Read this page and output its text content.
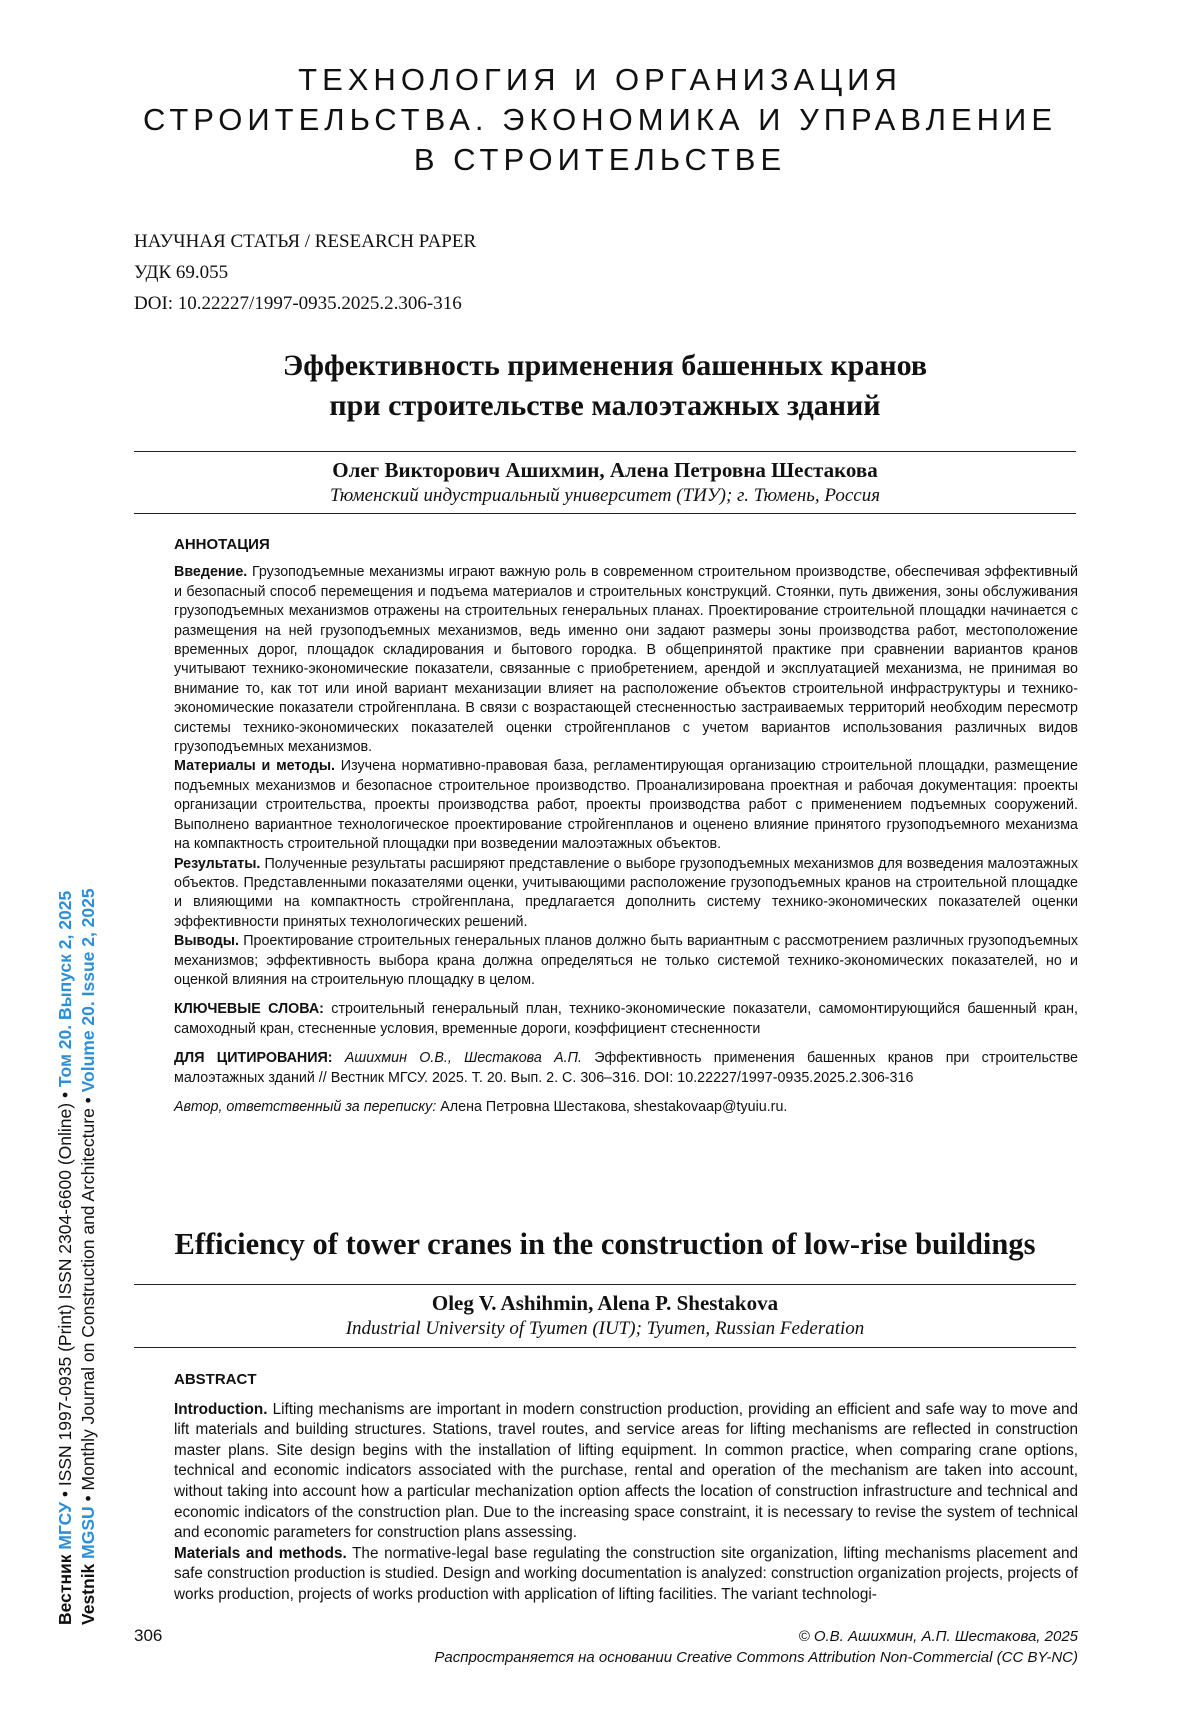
ТЕХНОЛОГИЯ И ОРГАНИЗАЦИЯ
СТРОИТЕЛЬСТВА. ЭКОНОМИКА И УПРАВЛЕНИЕ
В СТРОИТЕЛЬСТВЕ
НАУЧНАЯ СТАТЬЯ / RESEARCH PAPER
УДК 69.055
DOI: 10.22227/1997-0935.2025.2.306-316
Эффективность применения башенных кранов
при строительстве малоэтажных зданий
Олег Викторович Ашихмин, Алена Петровна Шестакова
Тюменский индустриальный университет (ТИУ); г. Тюмень, Россия
АННОТАЦИЯ

Введение. Грузоподъемные механизмы играют важную роль в современном строительном производстве, обеспечивая эффективный и безопасный способ перемещения и подъема материалов и строительных конструкций. Стоянки, путь движения, зоны обслуживания грузоподъемных механизмов отражены на строительных генеральных планах. Проектирование строительной площадки начинается с размещения на ней грузоподъемных механизмов, ведь именно они задают размеры зоны производства работ, местоположение временных дорог, площадок складирования и бытового городка. В общепринятой практике при сравнении вариантов кранов учитывают технико-экономические показатели, связанные с приобретением, арендой и эксплуатацией механизма, не принимая во внимание то, как тот или иной вариант механизации влияет на расположение объектов строительной инфраструктуры и технико-экономические показатели стройгенплана. В связи с возрастающей стесненностью застраиваемых территорий необходим пересмотр системы технико-экономических показателей оценки стройгенпланов с учетом вариантов использования различных видов грузоподъемных механизмов.

Материалы и методы. Изучена нормативно-правовая база, регламентирующая организацию строительной площадки, размещение подъемных механизмов и безопасное строительное производство. Проанализирована проектная и рабочая документация: проекты организации строительства, проекты производства работ, проекты производства работ с применением подъемных сооружений. Выполнено вариантное технологическое проектирование стройгенпланов и оценено влияние принятого грузоподъемного механизма на компактность строительной площадки при возведении малоэтажных объектов.

Результаты. Полученные результаты расширяют представление о выборе грузоподъемных механизмов для возведения малоэтажных объектов. Представленными показателями оценки, учитывающими расположение грузоподъемных кранов на строительной площадке и влияющими на компактность стройгенплана, предлагается дополнить систему технико-экономических показателей оценки эффективности принятых технологических решений.

Выводы. Проектирование строительных генеральных планов должно быть вариантным с рассмотрением различных грузоподъемных механизмов; эффективность выбора крана должна определяться не только системой технико-экономических показателей, но и оценкой влияния на строительную площадку в целом.

КЛЮЧЕВЫЕ СЛОВА: строительный генеральный план, технико-экономические показатели, самомонтирующийся башенный кран, самоходный кран, стесненные условия, временные дороги, коэффициент стесненности

ДЛЯ ЦИТИРОВАНИЯ: Ашихмин О.В., Шестакова А.П. Эффективность применения башенных кранов при строительстве малоэтажных зданий // Вестник МГСУ. 2025. Т. 20. Вып. 2. С. 306–316. DOI: 10.22227/1997-0935.2025.2.306-316

Автор, ответственный за переписку: Алена Петровна Шестакова, shestakovaap@tyuiu.ru.

Efficiency of tower cranes in the construction of low-rise buildings
Oleg V. Ashihmin, Alena P. Shestakova
Industrial University of Tyumen (IUT); Tyumen, Russian Federation
ABSTRACT

Introduction. Lifting mechanisms are important in modern construction production, providing an efficient and safe way to move and lift materials and building structures. Stations, travel routes, and service areas for lifting mechanisms are reflected in construction master plans. Site design begins with the installation of lifting equipment. In common practice, when comparing crane options, technical and economic indicators associated with the purchase, rental and operation of the mechanism are taken into account, without taking into account how a particular mechanization option affects the location of construction infrastructure and technical and economic indicators of the construction plan. Due to the increasing space constraint, it is necessary to revise the system of technical and economic parameters for construction plans assessing.

Materials and methods. The normative-legal base regulating the construction site organization, lifting mechanisms placement and safe construction production is studied. Design and working documentation is analyzed: construction organization projects, projects of works production, projects of works production with application of lifting facilities. The variant technologi-

Вестник МГСУ • ISSN 1997-0935 (Print) ISSN 2304-6600 (Online) • Том 20. Выпуск 2, 2025
Vestnik MGSU • Monthly Journal on Construction and Architecture • Volume 20. Issue 2, 2025
306	© О.В. Ашихмин, А.П. Шестакова, 2025
Распространяется на основании Creative Commons Attribution Non-Commercial (CC BY-NC)
